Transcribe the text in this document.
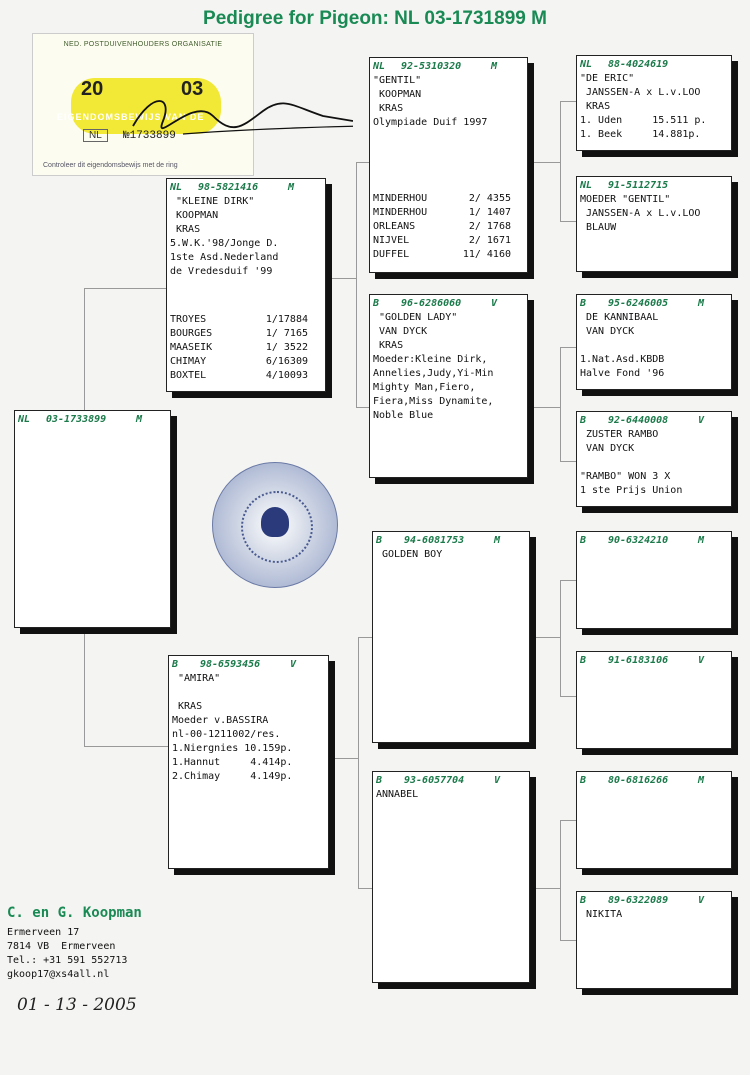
Pedigree for Pigeon: NL 03-1731899 M
NED. POSTDUIVENHOUDERS ORGANISATIE
20	03
EIGENDOMSBEWIJS VAN DE
NL	№1733899
Controleer dit eigendomsbewijs met de ring
NL 03-1733899	M
NL 98-5821416	M
"KLEINE DIRK"
KOOPMAN
KRAS
5.W.K.'98/Jonge D.
1ste Asd.Nederland
de Vredesduif '99
TROYES	1/17884
BOURGES	1/ 7165
MAASEIK	1/ 3522
CHIMAY	6/16309
BOXTEL	4/10093
B 98-6593456	V
"AMIRA"

KRAS
Moeder v.BASSIRA
nl-00-1211002/res.
1.Niergnies 10.159p.
1.Hannut     4.414p.
2.Chimay     4.149p.
NL 92-5310320	M
"GENTIL"
KOOPMAN
KRAS
Olympiade Duif 1997
MINDERHOU	2/ 4355
MINDERHOU	1/ 1407
ORLEANS	2/ 1768
NIJVEL	2/ 1671
DUFFEL	11/ 4160
B 96-6286060	V
"GOLDEN LADY"
VAN DYCK
KRAS
Moeder:Kleine Dirk,
Annelies,Judy,Yi-Min
Mighty Man,Fiero,
Fiera,Miss Dynamite,
Noble Blue
B 94-6081753	M
GOLDEN BOY
B 93-6057704	V
ANNABEL
NL 88-4024619
"DE ERIC"
JANSSEN-A x L.v.LOO
KRAS
1. Uden     15.511 p.
1. Beek     14.881p.
NL 91-5112715
MOEDER "GENTIL"
JANSSEN-A x L.v.LOO
BLAUW
B 95-6246005	M
DE KANNIBAAL
VAN DYCK

1.Nat.Asd.KBDB
Halve Fond '96
B 92-6440008	V
ZUSTER RAMBO
VAN DYCK

"RAMBO" WON 3 X
1 ste Prijs Union
B 90-6324210	M
B 91-6183106	V
B 80-6816266	M
B 89-6322089	V
NIKITA
C. en G. Koopman
Ermerveen 17
7814 VB  Ermerveen
Tel.: +31 591 552713
gkoop17@xs4all.nl
01 - 13 - 2005
